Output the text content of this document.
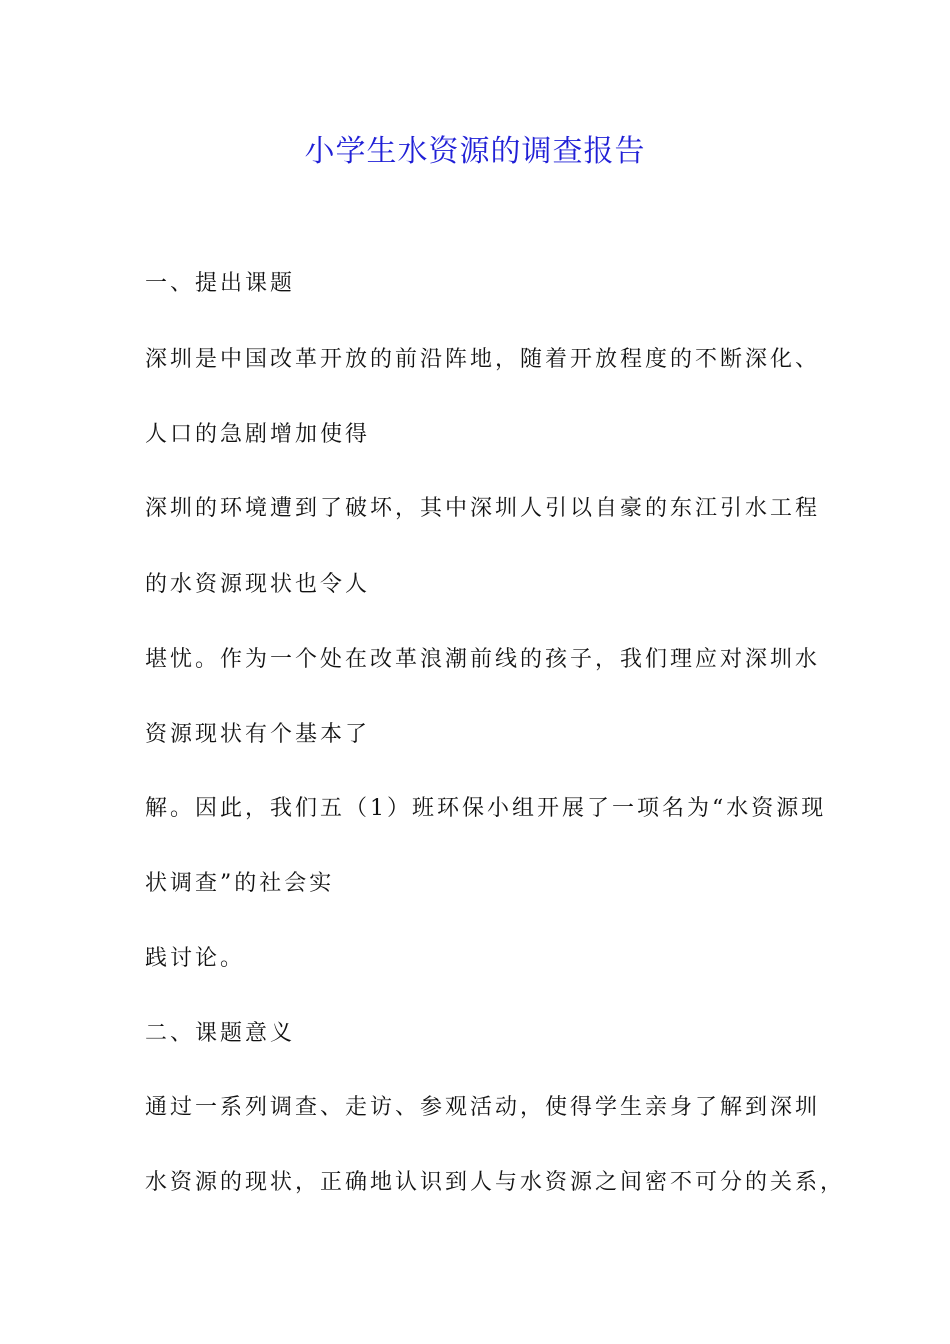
小学生水资源的调查报告
一、提出课题
深圳是中国改革开放的前沿阵地，随着开放程度的不断深化、
人口的急剧增加使得
深圳的环境遭到了破坏，其中深圳人引以自豪的东江引水工程
的水资源现状也令人
堪忧。作为一个处在改革浪潮前线的孩子，我们理应对深圳水
资源现状有个基本了
解。因此，我们五（1）班环保小组开展了一项名为“水资源现
状调查”的社会实
践讨论。
二、课题意义
通过一系列调查、走访、参观活动，使得学生亲身了解到深圳
水资源的现状，正确地认识到人与水资源之间密不可分的关系，
